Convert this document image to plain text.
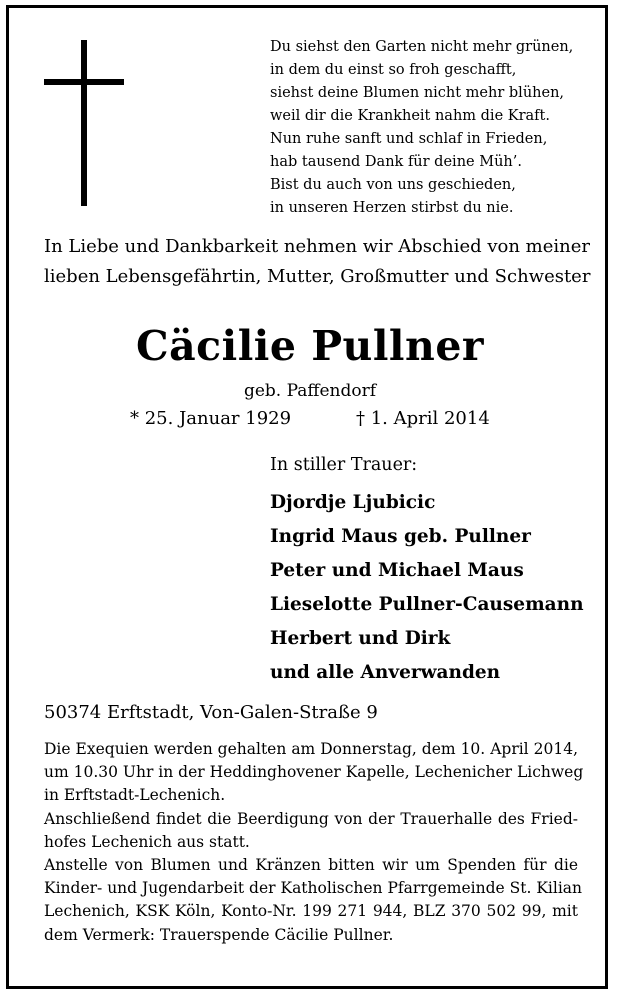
Du siehst den Garten nicht mehr grünen,
in dem du einst so froh geschafft,
siehst deine Blumen nicht mehr blühen,
weil dir die Krankheit nahm die Kraft.
Nun ruhe sanft und schlaf in Frieden,
hab tausend Dank für deine Müh’.
Bist du auch von uns geschieden,
in unseren Herzen stirbst du nie.
In Liebe und Dankbarkeit nehmen wir Abschied von meiner
lieben Lebensgefährtin, Mutter, Großmutter und Schwester
Cäcilie Pullner
geb. Paffendorf
* 25. Januar 1929	† 1. April 2014
In stiller Trauer:
Djordje Ljubicic
Ingrid Maus geb. Pullner
Peter und Michael Maus
Lieselotte Pullner-Causemann
Herbert und Dirk
und alle Anverwanden
50374 Erftstadt, Von-Galen-Straße 9
Die Exequien werden gehalten am Donnerstag, dem 10. April 2014,
um 10.30 Uhr in der Heddinghovener Kapelle, Lechenicher Lichweg
in Erftstadt-Lechenich.
Anschließend findet die Beerdigung von der Trauerhalle des Fried-
hofes Lechenich aus statt.
Anstelle von Blumen und Kränzen bitten wir um Spenden für die
Kinder- und Jugendarbeit der Katholischen Pfarrgemeinde St. Kilian
Lechenich, KSK Köln, Konto-Nr. 199 271 944, BLZ 370 502 99, mit
dem Vermerk: Trauerspende Cäcilie Pullner.
